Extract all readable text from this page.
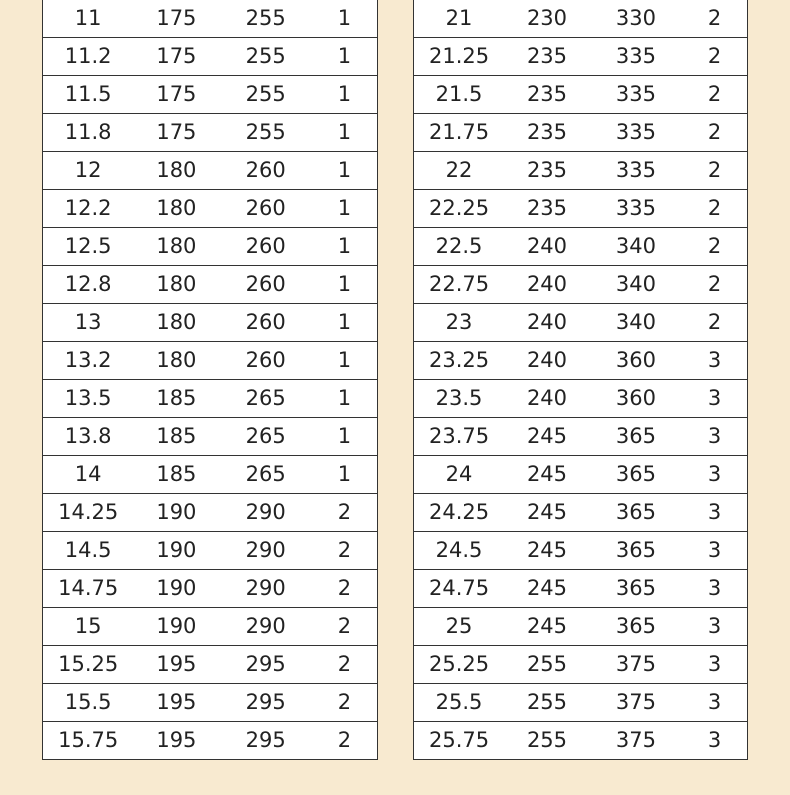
11	175	255	1
11.2	175	255	1
11.5	175	255	1
11.8	175	255	1
12	180	260	1
12.2	180	260	1
12.5	180	260	1
12.8	180	260	1
13	180	260	1
13.2	180	260	1
13.5	185	265	1
13.8	185	265	1
14	185	265	1
14.25	190	290	2
14.5	190	290	2
14.75	190	290	2
15	190	290	2
15.25	195	295	2
15.5	195	295	2
15.75	195	295	2
21	230	330	2
21.25	235	335	2
21.5	235	335	2
21.75	235	335	2
22	235	335	2
22.25	235	335	2
22.5	240	340	2
22.75	240	340	2
23	240	340	2
23.25	240	360	3
23.5	240	360	3
23.75	245	365	3
24	245	365	3
24.25	245	365	3
24.5	245	365	3
24.75	245	365	3
25	245	365	3
25.25	255	375	3
25.5	255	375	3
25.75	255	375	3
